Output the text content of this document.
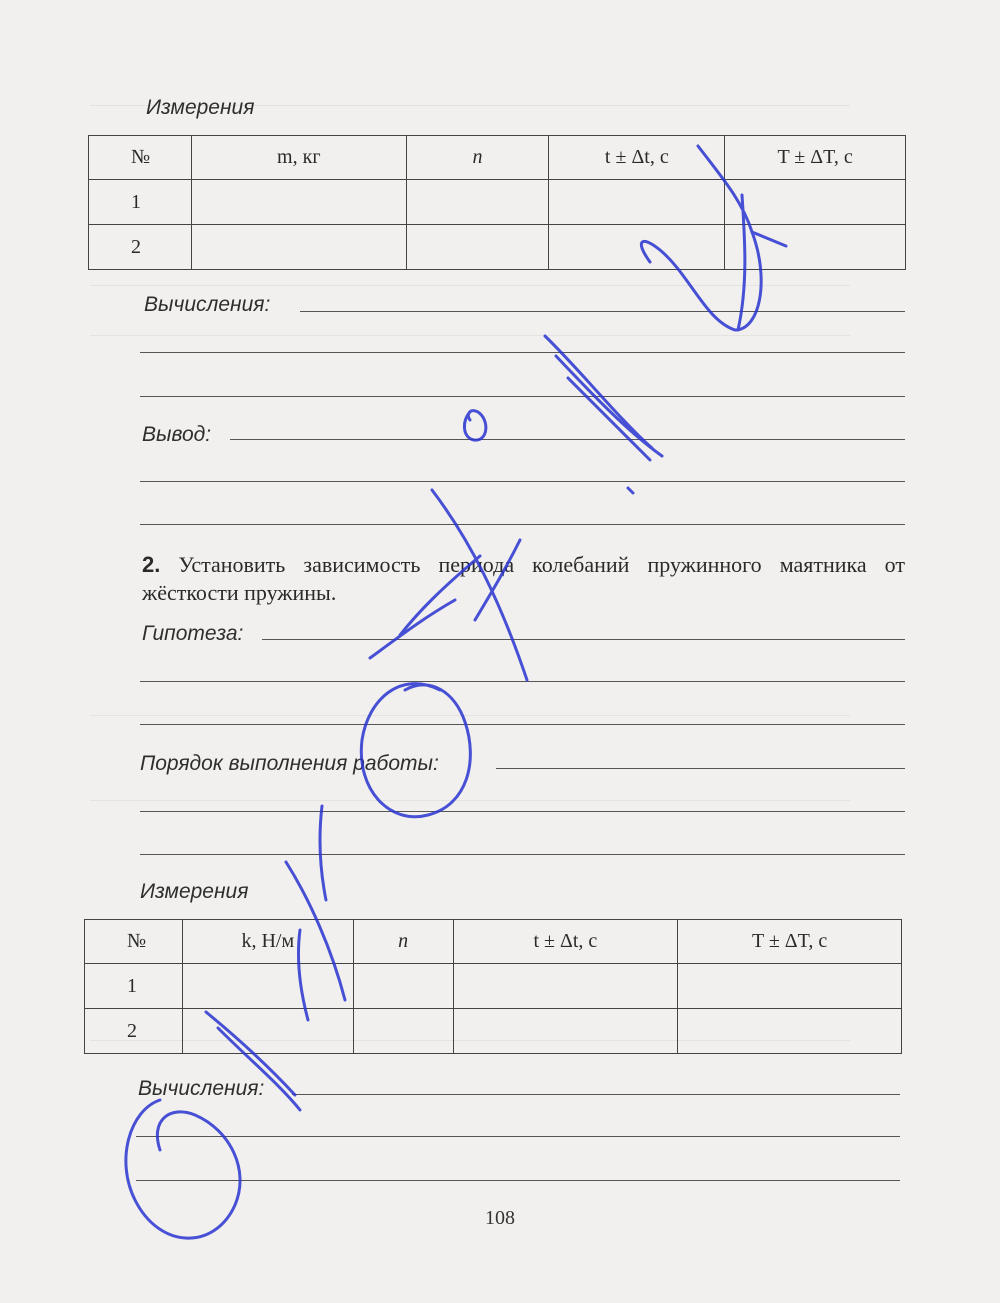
Измерения
№	m, кг	n	t ± Δt, с	T ± ΔT, с
1				
2				
Вычисления:
Вывод:
2. Установить зависимость периода колебаний пружинного маятника от жёсткости пружины.
Гипотеза:
Порядок выполнения работы:
Измерения
№	k, Н/м	n	t ± Δt, с	T ± ΔT, с
1				
2				
Вычисления:
108
